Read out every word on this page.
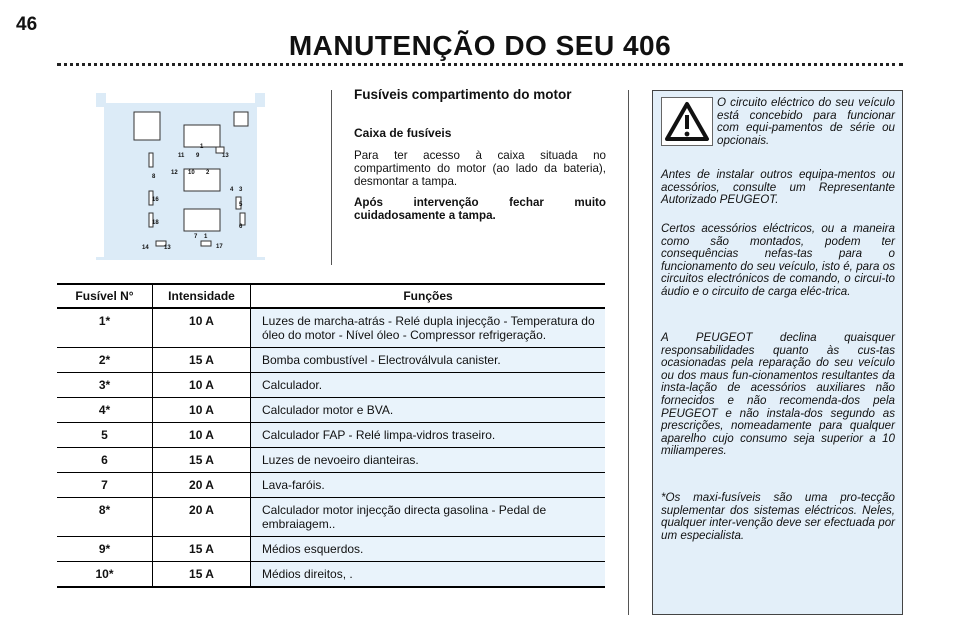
46
MANUTENÇÃO DO SEU 406
1
11 9
10
12
13
2
8
16
18
14	13
7 1
17
4 3
5
6
Fusíveis compartimento do motor
Caixa de fusíveis
Para ter acesso à caixa situada no compartimento do motor (ao lado da bateria), desmontar a tampa.
Após intervenção fechar muito cuidadosamente a tampa.
Fusível N°	Intensidade	Funções
1*	10 A	Luzes de marcha-atrás - Relé dupla injecção - Temperatura do óleo do motor - Nível óleo - Compressor refrigeração.
2*	15 A	Bomba combustível - Electroválvula canister.
3*	10 A	Calculador.
4*	10 A	Calculador motor e BVA.
5	10 A	Calculador FAP - Relé limpa-vidros traseiro.
6	15 A	Luzes de nevoeiro dianteiras.
7	20 A	Lava-faróis.
8*	20 A	Calculador motor injecção directa gasolina - Pedal de embraiagem..
9*	15 A	Médios esquerdos.
10*	15 A	Médios direitos, .
O circuito eléctrico do seu veículo está concebido para funcionar com equi-pamentos de série ou opcionais.
Antes de instalar outros equipa-mentos ou acessórios, consulte um Representante Autorizado PEUGEOT.
Certos acessórios eléctricos, ou a maneira como são montados, podem ter consequências nefas-tas para o funcionamento do seu veículo, isto é, para os circuitos electrónicos de comando, o circui-to áudio e o circuito de carga eléc-trica.
A PEUGEOT declina quaisquer responsabilidades quanto às cus-tas ocasionadas pela reparação do seu veículo ou dos maus fun-cionamentos resultantes da insta-lação de acessórios auxiliares não fornecidos e não recomenda-dos pela PEUGEOT e não instala-dos segundo as prescrições, nomeadamente para qualquer aparelho cujo consumo seja superior a 10 miliamperes.
*Os maxi-fusíveis são uma pro-tecção suplementar dos sistemas eléctricos. Neles, qualquer inter-venção deve ser efectuada por um especialista.
